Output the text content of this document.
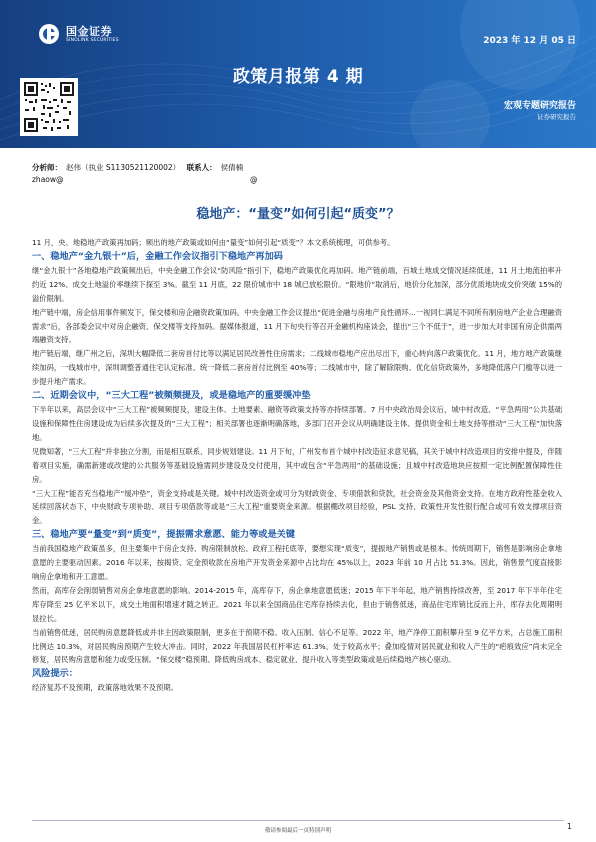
国金证券
SINOLINK SECURITIES	2023 年 12 月 05 日
政策月报第 4 期
宏观专题研究报告
证券研究报告
分析师： 赵伟（执业 S1130521120002） 联系人： 侯倩楠
zhaow@	@
稳地产：“量变”如何引起“质变”？

11 月，央、地稳地产政策再加码；频出的地产政策或如何由“量变”如何引起“质变”？本文系统梳理，可供参考。

一、稳地产“金九银十”后，金融工作会议指引下稳地产再加码

继“金九银十”各地稳地产政策频出后，中央金融工作会议“防风险”指引下，稳地产政策优化再加码。地产链前端，百城土地成交情况延续低迷，11 月土地流拍率升约近 12%、成交土地溢价率继续下探至 3%。截至 11 月底，22 限价城市中 18 城已放松限价。“限地价”取消后，地价分化加深，部分优质地块成交价突破 15%的溢价限制。

地产链中端，房企信用事件频发下，保交楼和房企融资政策加码。中央金融工作会议提出“促进金融与房地产良性循环...一视同仁满足不同所有制房地产企业合理融资需求”后，各部委会议中对房企融资、保交楼等支持加码。据媒体报道，11 月下旬央行等召开金融机构座谈会，提出“三个不低于”，进一步加大对非国有房企供需两端融资支持。

地产链后端，继广州之后，深圳大幅降低二套房首付比等以满足居民改善性住房需求；二线城市稳地产应出尽出下，重心转向落户政策优化。11 月，地方地产政策继续加码，一线城市中，深圳调整普通住宅认定标准、统一降低二套房首付比例至 40%等；二线城市中，除了解除限购、优化信贷政策外，多地降低落户门槛等以进一步提升地产需求。

二、近期会议中，“三大工程”被频频提及，或是稳地产的重要缓冲垫

下半年以来，高层会议中“三大工程”被频频提及，建设主体、土地要素、融资等政策支持等亦持续部署。7 月中央政治局会议后，城中村改造、“平急两用”公共基础设施和保障性住房建设成为后续多次提及的“三大工程”；相关部署也逐渐明确落地，多部门召开会议从明确建设主体、提供资金和土地支持等推动“三大工程”加快落地。

见微知著，“三大工程”并非独立分割，而是相互联系、同步规划建设。11 月下旬，广州发布首个城中村改造征求意见稿，其关于城中村改造项目的安排中提及，伴随着项目实施，确需新建或改建的公共服务等基础设施需同步建设及交付使用，其中或包含“平急两用”的基础设施；且城中村改造地块应按照一定比例配置保障性住房。

“三大工程”能否充当稳地产“缓冲垫”，资金支持或是关键。城中村改造资金或可分为财政资金、专项借款和贷款，社会资金及其他资金支持。在地方政府性基金收入延续回落状态下，中央财政专项补助、项目专项借款等或是“三大工程”重要资金来源。根据棚改项目经验，PSL 支持、政策性开发性银行配合或可有效支撑项目资金。

三、稳地产要“量变”到“质变”，提振需求意愿、能力等或是关键

当前我国稳地产政策虽多，但主要集中于房企支持、购房限制放松、政府工程托底等，要想实现“质变”，提振地产销售或是根本。传统周期下，销售是影响房企拿地意愿的主要驱动因素。2016 年以来，按揭贷、定金预收款在房地产开发资金来源中占比均在 45%以上，2023 年前 10 月占比 51.3%。因此，销售景气度直接影响房企拿地和开工意愿。

然而，高库存会削弱销售对房企拿地意愿的影响。2014-2015 年，高库存下，房企拿地意愿低迷；2015 年下半年起，地产销售持续改善，至 2017 年下半年住宅库存降至 25 亿平米以下，成交土地面积增速才随之转正。2021 年以来全国商品住宅库存持续去化，但由于销售低迷，商品住宅库销比反而上升，库存去化周期明显拉长。

当前销售低迷，居民购房意愿降低或并非主因政策限制，更多在于预期不稳、收入压制、信心不足等。2022 年，地产净停工面积攀升至 9 亿平方米，占总施工面积比例达 10.3%，对居民购房预期产生较大冲击。同时，2022 年我国居民杠杆率达 61.3%、处于较高水平；叠加疫情对居民就业和收入产生的“疤痕效应”尚未完全修复，居民购房意愿和能力或受压制。“保交楼”稳预期、降低购房成本、稳定就业、提升收入等类型政策或是后续稳地产核心驱动。

风险提示：

经济复苏不及预期，政策落地效果不及预期。

敬请参阅最后一页特别声明	1
